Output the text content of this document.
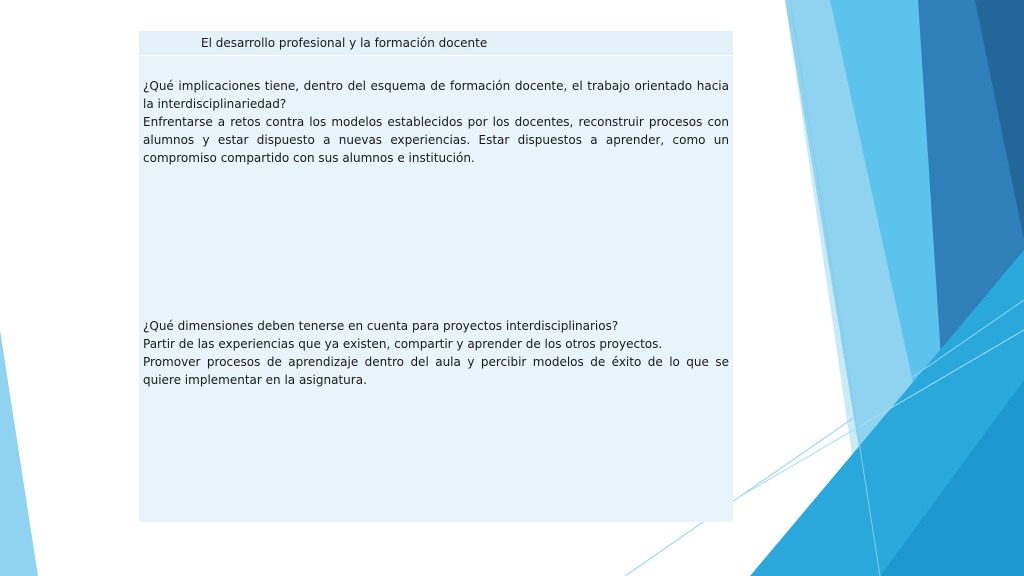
El desarrollo profesional y la formación docente

¿Qué implicaciones tiene, dentro del esquema de formación docente, el trabajo orientado hacia la interdisciplinariedad?

Enfrentarse a retos contra los modelos establecidos por los docentes, reconstruir procesos con alumnos y estar dispuesto a nuevas experiencias. Estar dispuestos a aprender, como un compromiso compartido con sus alumnos e institución.

¿Qué dimensiones deben tenerse en cuenta para proyectos interdisciplinarios?

Partir de las experiencias que ya existen, compartir y aprender de los otros proyectos.

Promover procesos de aprendizaje dentro del aula y percibir modelos de éxito de lo que se quiere implementar en la asignatura.
